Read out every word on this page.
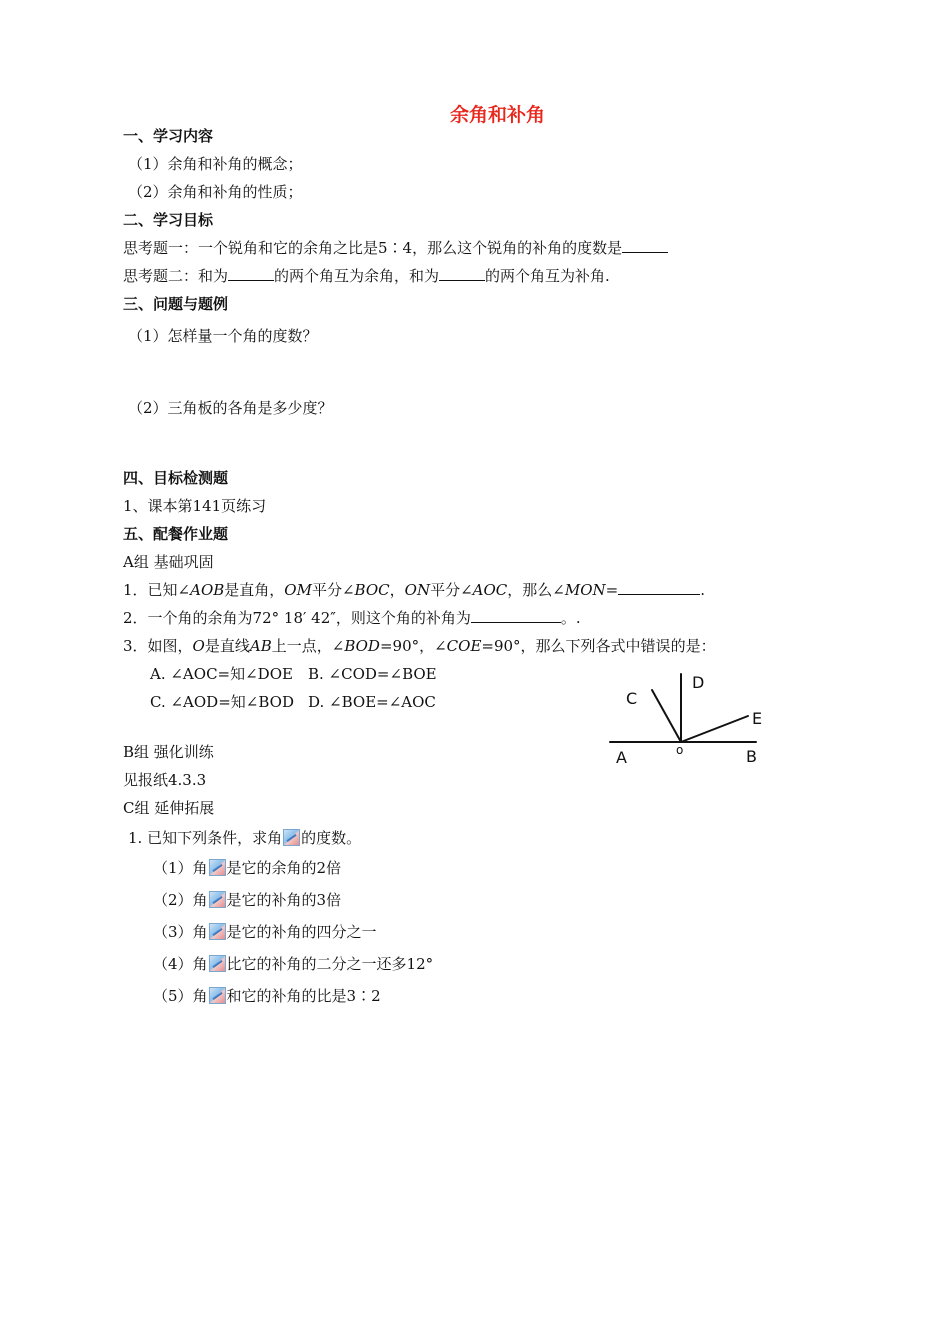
余角和补角
一、学习内容
（1）余角和补角的概念；
（2）余角和补角的性质；
二、学习目标
思考题一：一个锐角和它的余角之比是5∶4，那么这个锐角的补角的度数是
思考题二：和为	的两个角互为余角，和为	的两个角互为补角.
三、问题与题例
（1）怎样量一个角的度数？
（2）三角板的各角是多少度？
四、目标检测题
1、课本第141页练习
五、配餐作业题
A组 基础巩固
1．已知∠AOB是直角，OM平分∠BOC，ON平分∠AOC，那么∠MON=	.
2．一个角的余角为72° 18′ 42″，则这个角的补角为	。.
3．如图，O是直线AB上一点，∠BOD=90°，∠COE=90°，那么下列各式中错误的是：
A. ∠AOC=知∠DOE B. ∠COD=∠BOE
C. ∠AOD=知∠BOD D. ∠BOE=∠AOC	C
D
E
A	o	B
B组 强化训练
见报纸4.3.3
C组 延伸拓展
1. 已知下列条件，求角 的度数。
（1）角 是它的余角的2倍
（2）角 是它的补角的3倍
（3）角 是它的补角的四分之一
（4）角 比它的补角的二分之一还多12°
（5）角 和它的补角的比是3∶2
